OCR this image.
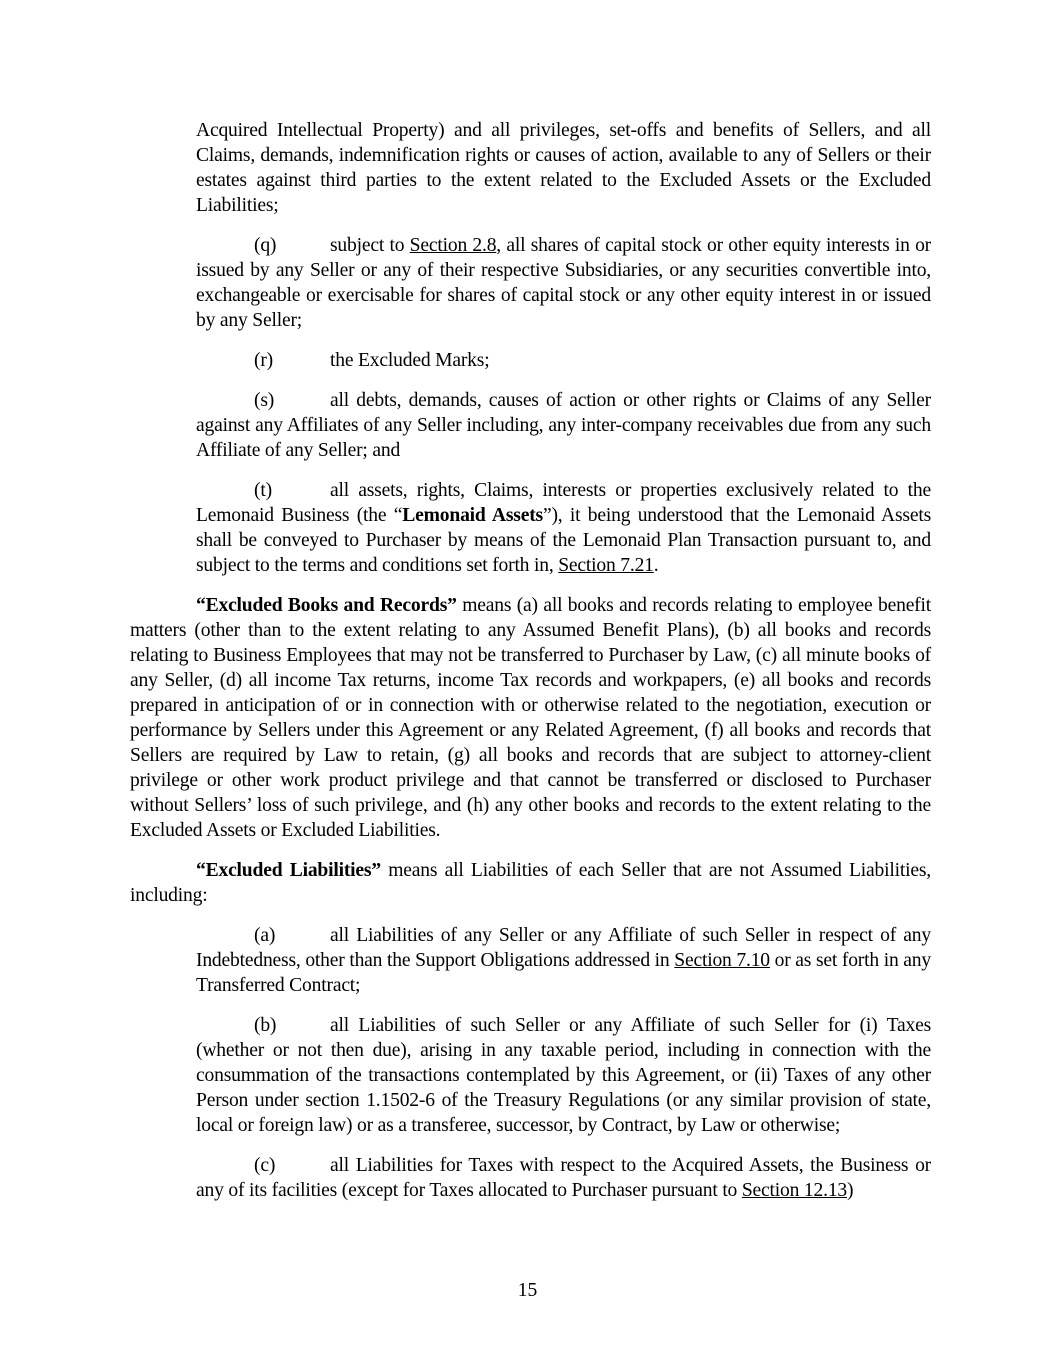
Acquired Intellectual Property) and all privileges, set-offs and benefits of Sellers, and all Claims, demands, indemnification rights or causes of action, available to any of Sellers or their estates against third parties to the extent related to the Excluded Assets or the Excluded Liabilities;

(q)	subject to Section 2.8, all shares of capital stock or other equity interests in or issued by any Seller or any of their respective Subsidiaries, or any securities convertible into, exchangeable or exercisable for shares of capital stock or any other equity interest in or issued by any Seller;

(r)	the Excluded Marks;

(s)	all debts, demands, causes of action or other rights or Claims of any Seller against any Affiliates of any Seller including, any inter-company receivables due from any such Affiliate of any Seller; and

(t)	all assets, rights, Claims, interests or properties exclusively related to the Lemonaid Business (the “Lemonaid Assets”), it being understood that the Lemonaid Assets shall be conveyed to Purchaser by means of the Lemonaid Plan Transaction pursuant to, and subject to the terms and conditions set forth in, Section 7.21.

“Excluded Books and Records” means (a) all books and records relating to employee benefit matters (other than to the extent relating to any Assumed Benefit Plans), (b) all books and records relating to Business Employees that may not be transferred to Purchaser by Law, (c) all minute books of any Seller, (d) all income Tax returns, income Tax records and workpapers, (e) all books and records prepared in anticipation of or in connection with or otherwise related to the negotiation, execution or performance by Sellers under this Agreement or any Related Agreement, (f) all books and records that Sellers are required by Law to retain, (g) all books and records that are subject to attorney-client privilege or other work product privilege and that cannot be transferred or disclosed to Purchaser without Sellers’ loss of such privilege, and (h) any other books and records to the extent relating to the Excluded Assets or Excluded Liabilities.

“Excluded Liabilities” means all Liabilities of each Seller that are not Assumed Liabilities, including:

(a)	all Liabilities of any Seller or any Affiliate of such Seller in respect of any Indebtedness, other than the Support Obligations addressed in Section 7.10 or as set forth in any Transferred Contract;

(b)	all Liabilities of such Seller or any Affiliate of such Seller for (i) Taxes (whether or not then due), arising in any taxable period, including in connection with the consummation of the transactions contemplated by this Agreement, or (ii) Taxes of any other Person under section 1.1502-6 of the Treasury Regulations (or any similar provision of state, local or foreign law) or as a transferee, successor, by Contract, by Law or otherwise;

(c)	all Liabilities for Taxes with respect to the Acquired Assets, the Business or any of its facilities (except for Taxes allocated to Purchaser pursuant to Section 12.13)

15
